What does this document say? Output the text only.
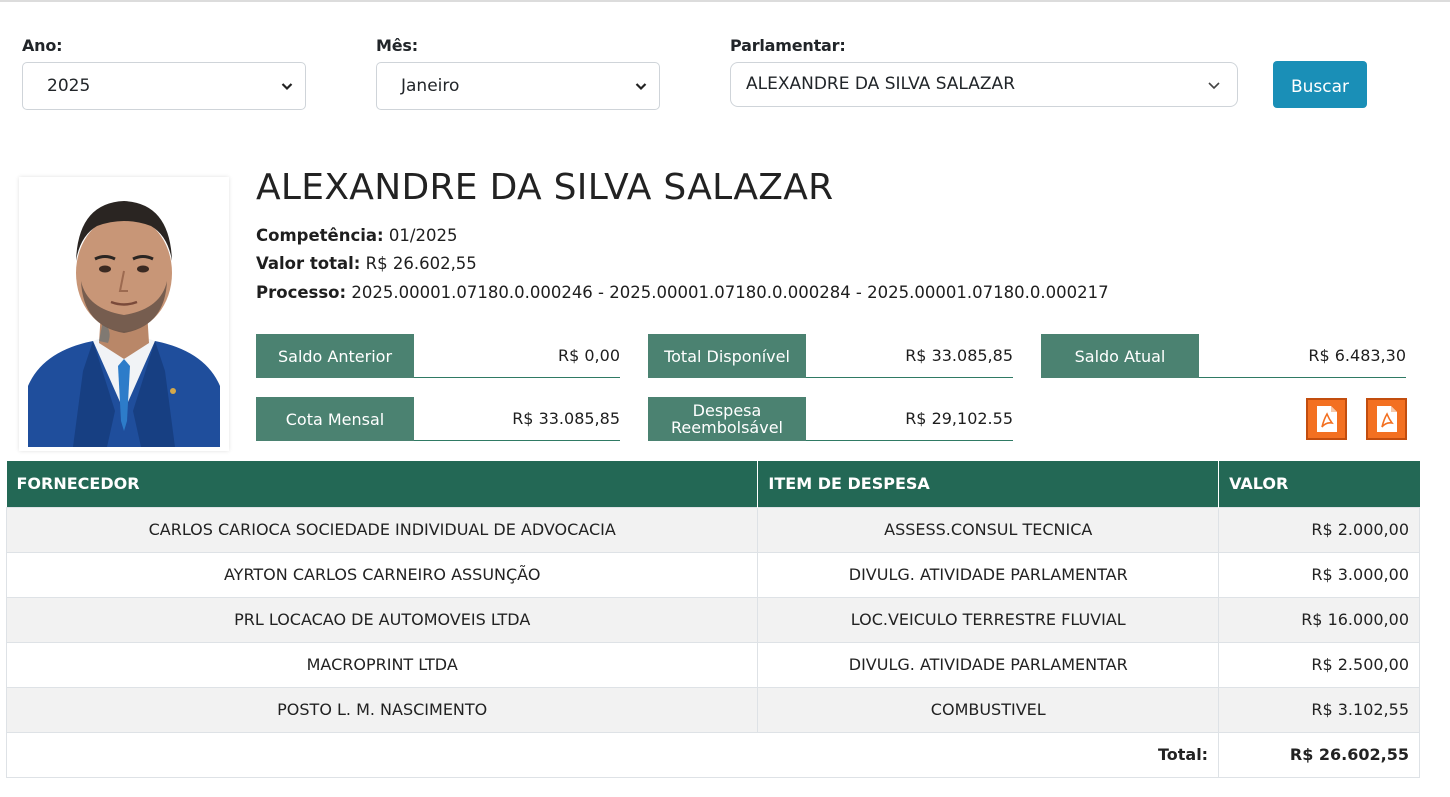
Ano:
2025
Mês:
Janeiro
Parlamentar:
ALEXANDRE DA SILVA SALAZAR	Buscar
ALEXANDRE DA SILVA SALAZAR
Competência: 01/2025
Valor total: R$ 26.602,55
Processo: 2025.00001.07180.0.000246 - 2025.00001.07180.0.000284 - 2025.00001.07180.0.000217
Saldo Anterior	R$ 0,00	Total Disponível	R$ 33.085,85	Saldo Atual	R$ 6.483,30
Cota Mensal	R$ 33.085,85	Despesa Reembolsável	R$ 29,102.55
FORNECEDOR	ITEM DE DESPESA	VALOR
CARLOS CARIOCA SOCIEDADE INDIVIDUAL DE ADVOCACIA	ASSESS.CONSUL TECNICA	R$ 2.000,00
AYRTON CARLOS CARNEIRO ASSUNÇÃO	DIVULG. ATIVIDADE PARLAMENTAR	R$ 3.000,00
PRL LOCACAO DE AUTOMOVEIS LTDA	LOC.VEICULO TERRESTRE FLUVIAL	R$ 16.000,00
MACROPRINT LTDA	DIVULG. ATIVIDADE PARLAMENTAR	R$ 2.500,00
POSTO L. M. NASCIMENTO	COMBUSTIVEL	R$ 3.102,55
Total:		R$ 26.602,55
